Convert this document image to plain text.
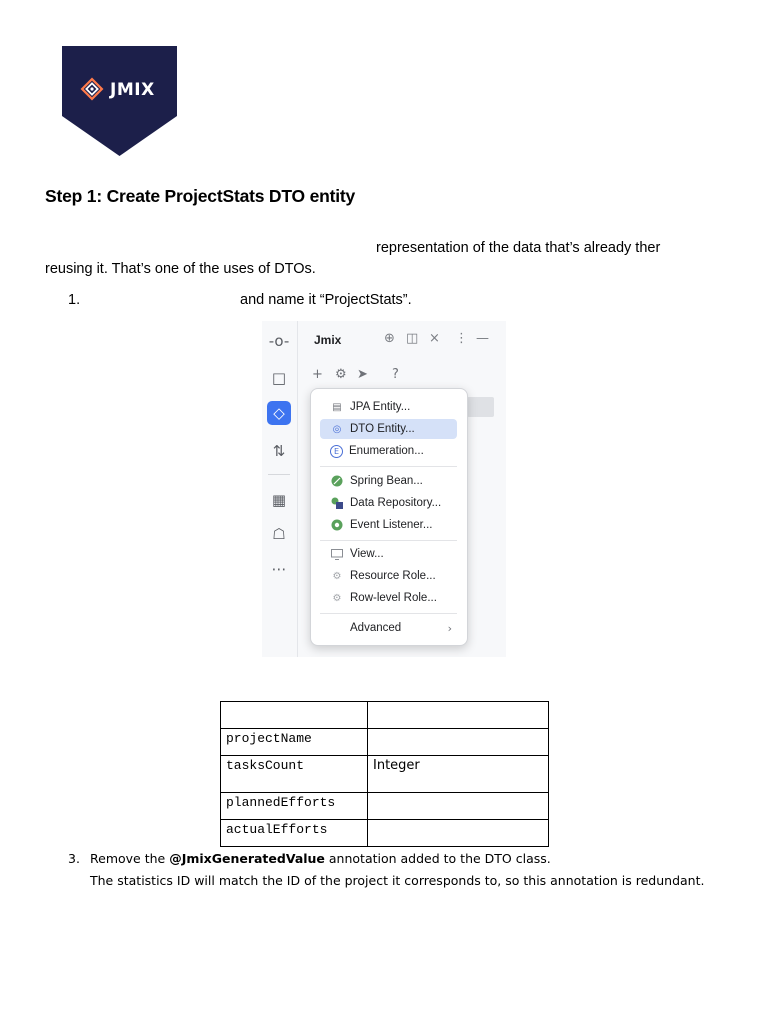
JMIX
Step 1: Create ProjectStats DTO entity
representation of the data that’s already ther
reusing it. That’s one of the uses of DTOs.
1.	and name it “ProjectStats”.
-o-
□
◇
⇅
▦
☖
⋯
Jmix	⊕ ◫ × ⋮ —
+ ⚙ ➤ ?
▤ JPA Entity...
◎ DTO Entity...
E Enumeration...
Spring Bean...
Data Repository...
Event Listener...
View...
⚙ Resource Role...
⚙ Row-level Role...
Advanced	›

projectName	
tasksCount	Integer
plannedEfforts	
actualEfforts	
3. Remove the @JmixGeneratedValue annotation added to the DTO class.
The statistics ID will match the ID of the project it corresponds to, so this annotation is redundant.
